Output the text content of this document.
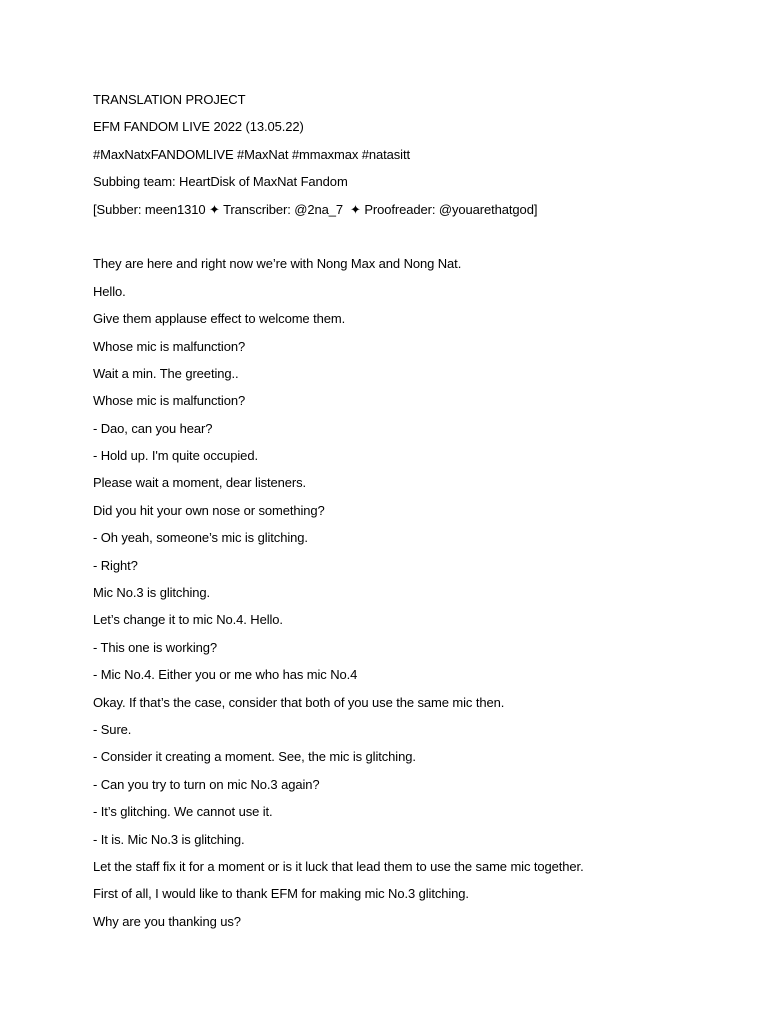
TRANSLATION PROJECT
EFM FANDOM LIVE 2022 (13.05.22)
#MaxNatxFANDOMLIVE #MaxNat #mmaxmax #natasitt
Subbing team: HeartDisk of MaxNat Fandom
[Subber: meen1310 ✦ Transcriber: @2na_7  ✦ Proofreader: @youarethatgod]
They are here and right now we’re with Nong Max and Nong Nat.
Hello.
Give them applause effect to welcome them.
Whose mic is malfunction?
Wait a min. The greeting..
Whose mic is malfunction?
- Dao, can you hear?
- Hold up. I'm quite occupied.
Please wait a moment, dear listeners.
Did you hit your own nose or something?
- Oh yeah, someone’s mic is glitching.
- Right?
Mic No.3 is glitching.
Let’s change it to mic No.4. Hello.
- This one is working?
- Mic No.4. Either you or me who has mic No.4
Okay. If that’s the case, consider that both of you use the same mic then.
- Sure.
- Consider it creating a moment. See, the mic is glitching.
- Can you try to turn on mic No.3 again?
- It’s glitching. We cannot use it.
- It is. Mic No.3 is glitching.
Let the staff fix it for a moment or is it luck that lead them to use the same mic together.
First of all, I would like to thank EFM for making mic No.3 glitching.
Why are you thanking us?
